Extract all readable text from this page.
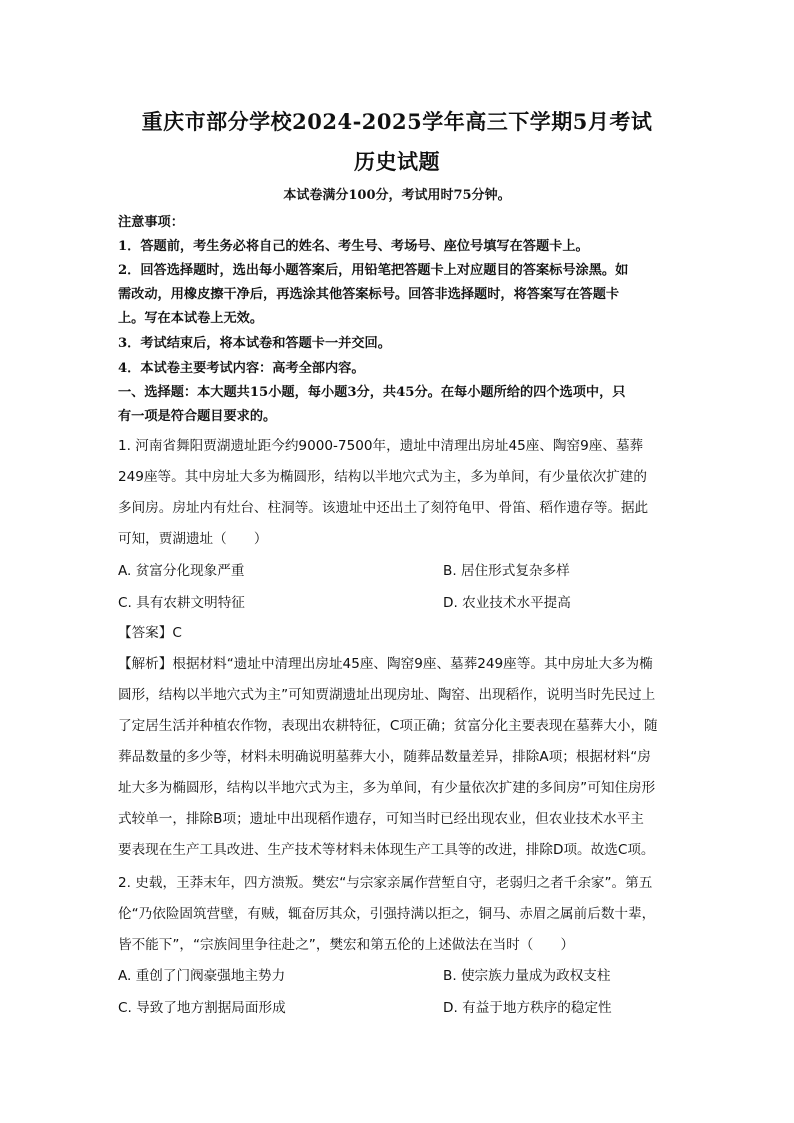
重庆市部分学校2024-2025学年高三下学期5月考试
历史试题
本试卷满分100分，考试用时75分钟。
注意事项：
1．答题前，考生务必将自己的姓名、考生号、考场号、座位号填写在答题卡上。
2．回答选择题时，选出每小题答案后，用铅笔把答题卡上对应题目的答案标号涂黑。如
需改动，用橡皮擦干净后，再选涂其他答案标号。回答非选择题时，将答案写在答题卡
上。写在本试卷上无效。
3．考试结束后，将本试卷和答题卡一并交回。
4．本试卷主要考试内容：高考全部内容。
一、选择题：本大题共15小题，每小题3分，共45分。在每小题所给的四个选项中，只
有一项是符合题目要求的。
1. 河南省舞阳贾湖遗址距今约9000-7500年，遗址中清理出房址45座、陶窑9座、墓葬
249座等。其中房址大多为椭圆形，结构以半地穴式为主，多为单间，有少量依次扩建的
多间房。房址内有灶台、柱洞等。该遗址中还出土了刻符龟甲、骨笛、稻作遗存等。据此
可知，贾湖遗址（　　）
A. 贫富分化现象严重	B. 居住形式复杂多样
C. 具有农耕文明特征	D. 农业技术水平提高
【答案】C
【解析】根据材料“遗址中清理出房址45座、陶窑9座、墓葬249座等。其中房址大多为椭
圆形，结构以半地穴式为主”可知贾湖遗址出现房址、陶窑、出现稻作，说明当时先民过上
了定居生活并种植农作物，表现出农耕特征，C项正确；贫富分化主要表现在墓葬大小，随
葬品数量的多少等，材料未明确说明墓葬大小，随葬品数量差异，排除A项；根据材料“房
址大多为椭圆形，结构以半地穴式为主，多为单间，有少量依次扩建的多间房”可知住房形
式较单一，排除B项；遗址中出现稻作遗存，可知当时已经出现农业，但农业技术水平主
要表现在生产工具改进、生产技术等材料未体现生产工具等的改进，排除D项。故选C项。
2. 史载，王莽末年，四方溃叛。樊宏“与宗家亲属作营堑自守，老弱归之者千余家”。第五
伦“乃依险固筑营壁，有贼，辄奋厉其众，引强持满以拒之，铜马、赤眉之属前后数十辈，
皆不能下”，“宗族闾里争往赴之”，樊宏和第五伦的上述做法在当时（　　）
A. 重创了门阀豪强地主势力	B. 使宗族力量成为政权支柱
C. 导致了地方割据局面形成	D. 有益于地方秩序的稳定性
